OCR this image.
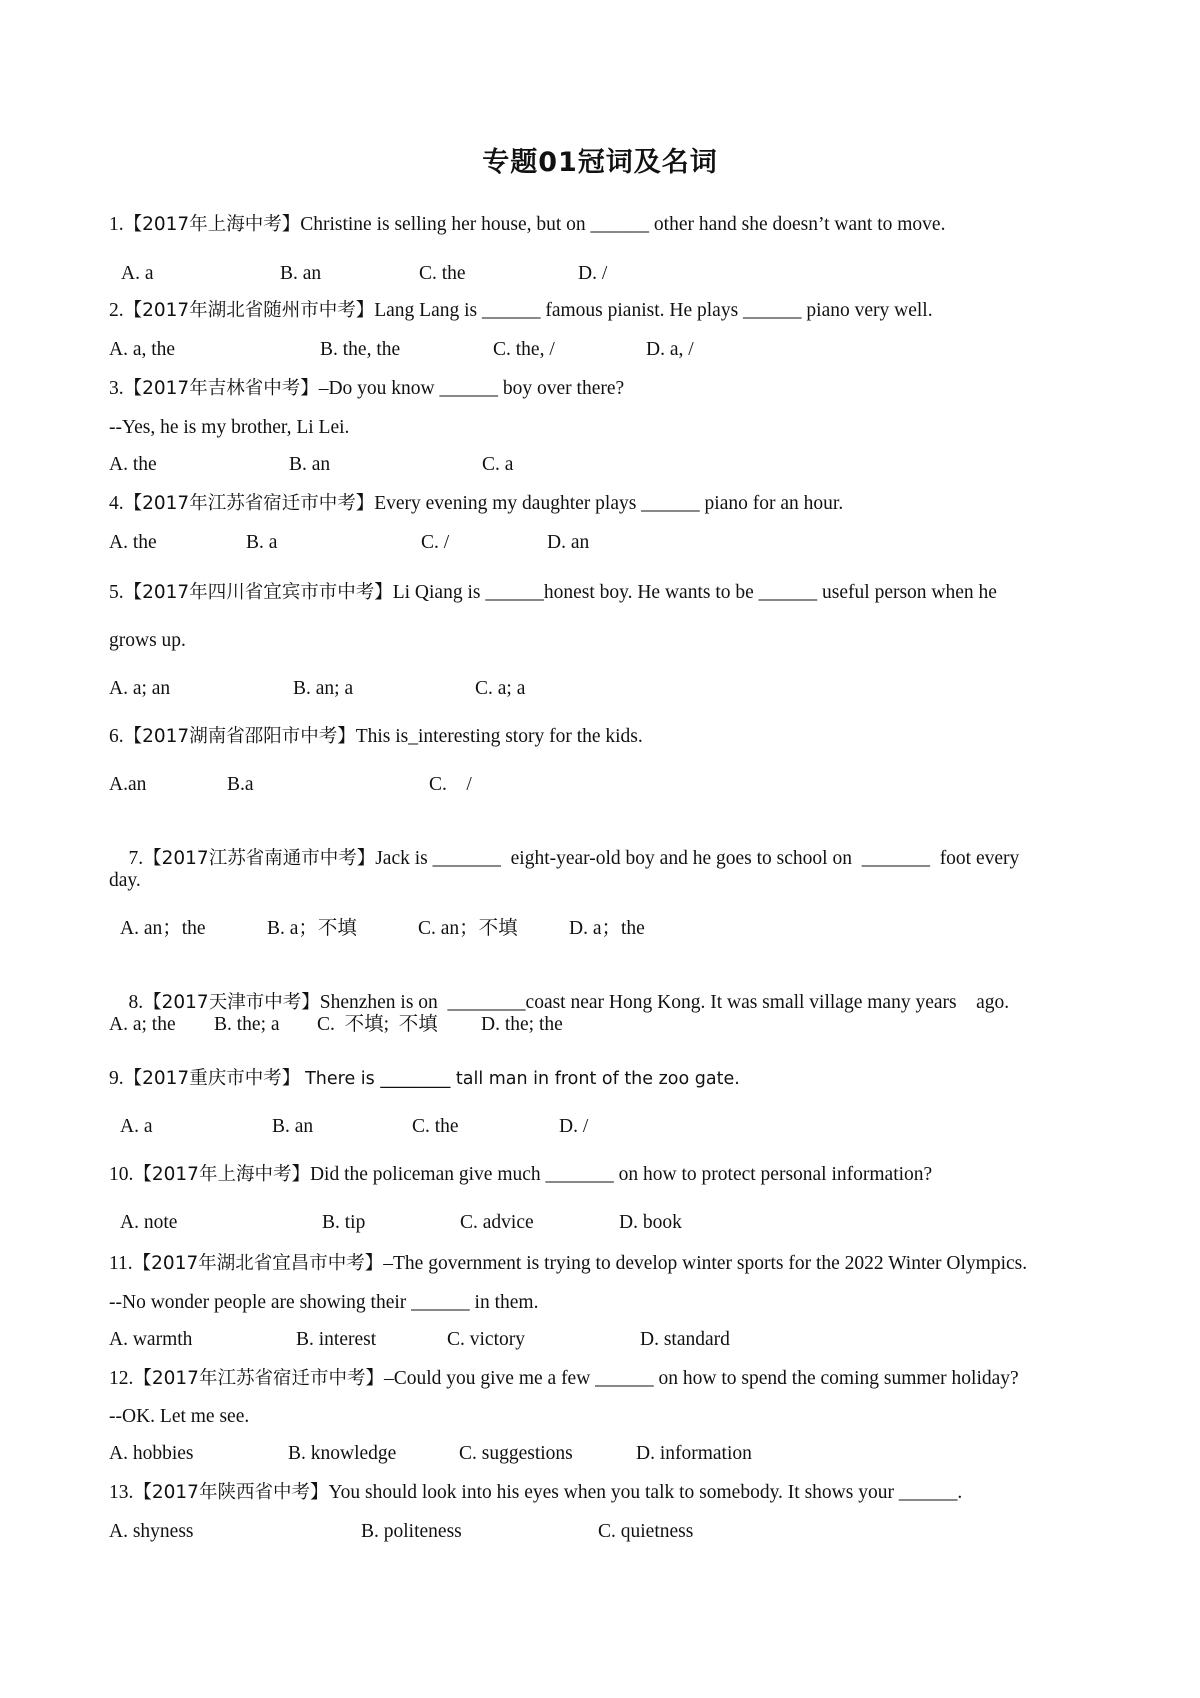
专题01冠词及名词
1.【2017年上海中考】Christine is selling her house, but on ______ other hand she doesn’t want to move.
A. a	B. an	C. the	D. /
2.【2017年湖北省随州市中考】Lang Lang is ______ famous pianist. He plays ______ piano very well.
A. a, the	B. the, the	C. the, /	D. a, /
3.【2017年吉林省中考】–Do you know ______ boy over there?
--Yes, he is my brother, Li Lei.
A. the	B. an	C. a
4.【2017年江苏省宿迁市中考】Every evening my daughter plays ______ piano for an hour.
A. the	B. a	C. /	D. an
5.【2017年四川省宜宾市市中考】Li Qiang is ______honest boy. He wants to be ______ useful person when he
grows up.
A. a; an	B. an; a	C. a; a
6.【2017湖南省邵阳市中考】This is_interesting story for the kids.
A.an	B.a	C.    /

7.【2017江苏省南通市中考】Jack is _______  eight-year-old boy and he goes to school on  _______  foot every

day.
A. an；the	B. a；不填	C. an；不填	D. a；the

8.【2017天津市中考】Shenzhen is on  ________coast near Hong Kong. It was small village many years    ago.

A. a; the B. the; a C.  不填;  不填 D. the; the
9.【2017重庆市中考】 There is ________ tall man in front of the zoo gate.
A. a	B. an	C. the	D. /
10.【2017年上海中考】Did the policeman give much _______ on how to protect personal information?
A. note	B. tip	C. advice	D. book
11.【2017年湖北省宜昌市中考】–The government is trying to develop winter sports for the 2022 Winter Olympics.
--No wonder people are showing their ______ in them.
A. warmth	B. interest	C. victory	D. standard
12.【2017年江苏省宿迁市中考】–Could you give me a few ______ on how to spend the coming summer holiday?
--OK. Let me see.
A. hobbies	B. knowledge	C. suggestions	D. information
13.【2017年陕西省中考】You should look into his eyes when you talk to somebody. It shows your ______.
A. shyness	B. politeness	C. quietness
